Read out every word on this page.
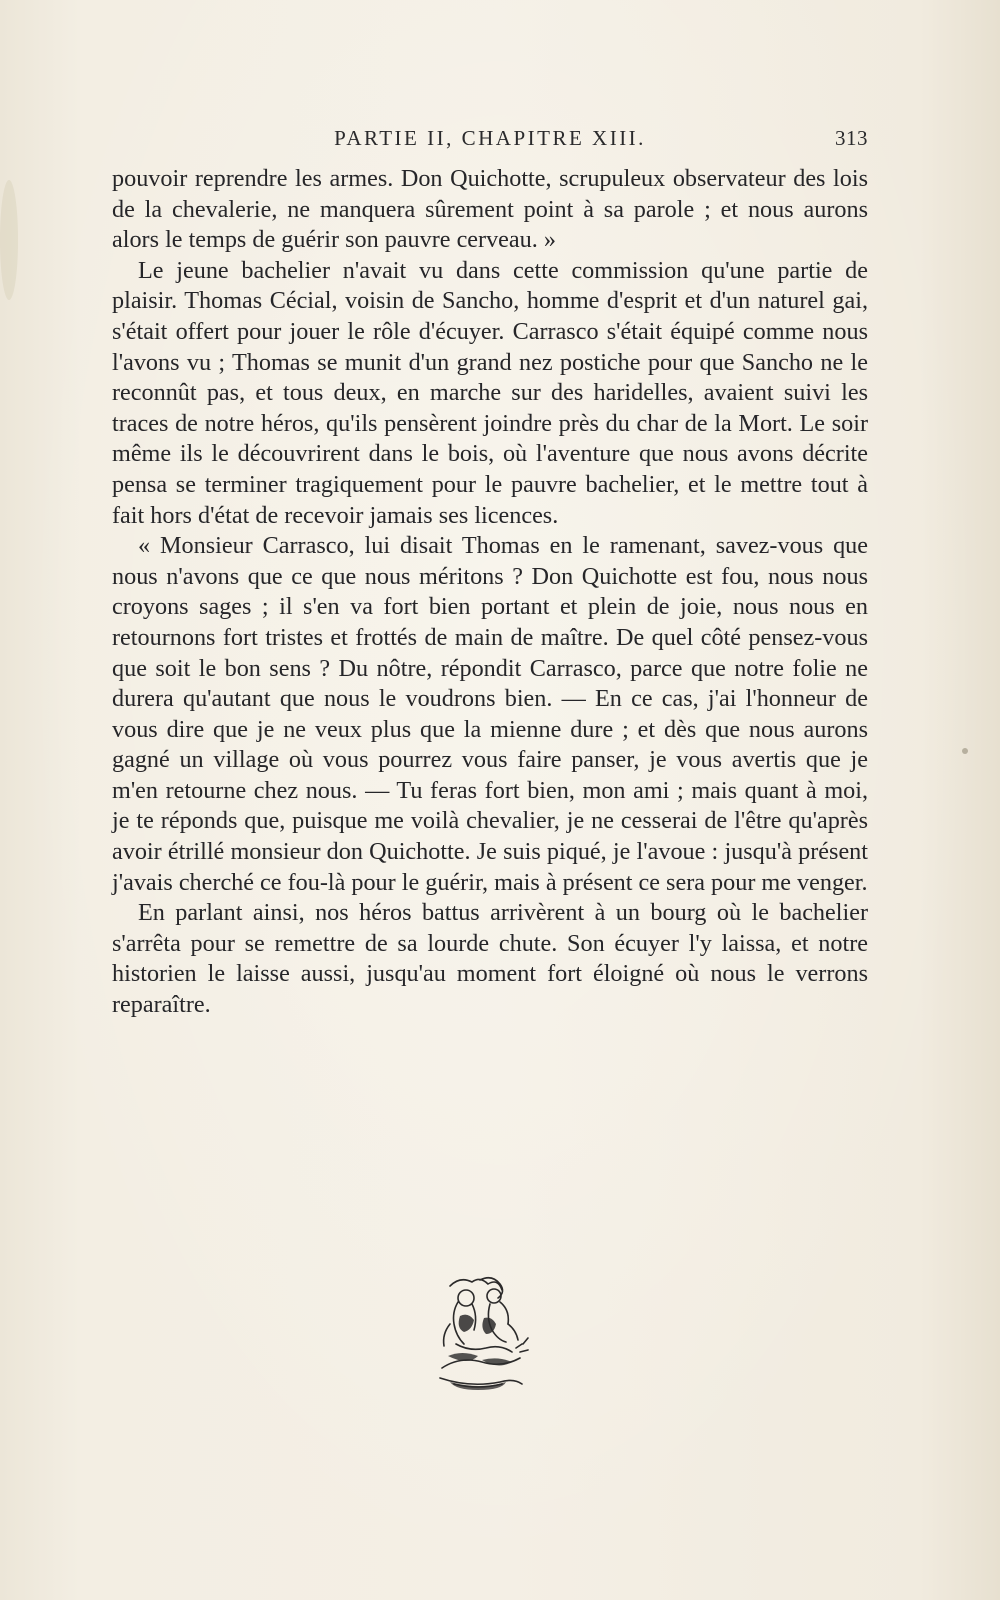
PARTIE II, CHAPITRE XIII.	313

pouvoir reprendre les armes. Don Quichotte, scrupuleux observateur des lois de la chevalerie, ne manquera sûrement point à sa parole ; et nous aurons alors le temps de guérir son pauvre cerveau. »

Le jeune bachelier n'avait vu dans cette commission qu'une partie de plaisir. Thomas Cécial, voisin de Sancho, homme d'esprit et d'un naturel gai, s'était offert pour jouer le rôle d'écuyer. Carrasco s'était équipé comme nous l'avons vu ; Thomas se munit d'un grand nez postiche pour que Sancho ne le reconnût pas, et tous deux, en marche sur des haridelles, avaient suivi les traces de notre héros, qu'ils pensèrent joindre près du char de la Mort. Le soir même ils le découvrirent dans le bois, où l'aventure que nous avons décrite pensa se terminer tragiquement pour le pauvre bachelier, et le mettre tout à fait hors d'état de recevoir jamais ses licences.

« Monsieur Carrasco, lui disait Thomas en le ramenant, savez-vous que nous n'avons que ce que nous méritons ? Don Quichotte est fou, nous nous croyons sages ; il s'en va fort bien portant et plein de joie, nous nous en retournons fort tristes et frottés de main de maître. De quel côté pensez-vous que soit le bon sens ? Du nôtre, répondit Carrasco, parce que notre folie ne durera qu'autant que nous le voudrons bien. — En ce cas, j'ai l'honneur de vous dire que je ne veux plus que la mienne dure ; et dès que nous aurons gagné un village où vous pourrez vous faire panser, je vous avertis que je m'en retourne chez nous. — Tu feras fort bien, mon ami ; mais quant à moi, je te réponds que, puisque me voilà chevalier, je ne cesserai de l'être qu'après avoir étrillé monsieur don Quichotte. Je suis piqué, je l'avoue : jusqu'à présent j'avais cherché ce fou-là pour le guérir, mais à présent ce sera pour me venger.

En parlant ainsi, nos héros battus arrivèrent à un bourg où le bachelier s'arrêta pour se remettre de sa lourde chute. Son écuyer l'y laissa, et notre historien le laisse aussi, jusqu'au moment fort éloigné où nous le verrons reparaître.
